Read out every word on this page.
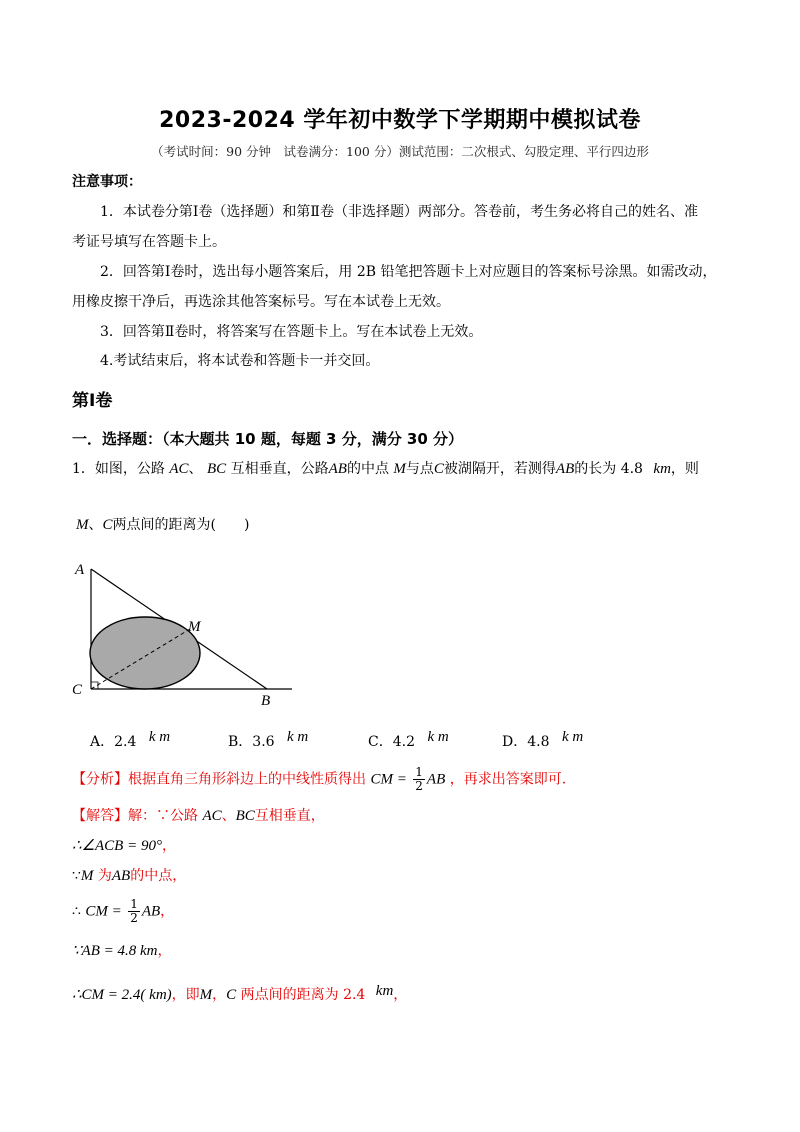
2023-2024 学年初中数学下学期期中模拟试卷
（考试时间：90 分钟　试卷满分：100 分）测试范围：二次根式、勾股定理、平行四边形
注意事项：
1．本试卷分第Ⅰ卷（选择题）和第Ⅱ卷（非选择题）两部分。答卷前，考生务必将自己的姓名、准
考证号填写在答题卡上。
2．回答第Ⅰ卷时，选出每小题答案后，用 2B 铅笔把答题卡上对应题目的答案标号涂黑。如需改动，
用橡皮擦干净后，再选涂其他答案标号。写在本试卷上无效。
3．回答第Ⅱ卷时，将答案写在答题卡上。写在本试卷上无效。
4.考试结束后，将本试卷和答题卡一并交回。
第Ⅰ卷
一．选择题：（本大题共 10 题，每题 3 分，满分 30 分）
1．如图，公路 AC、 BC 互相垂直，公路AB的中点 M与点C被湖隔开，若测得AB的长为 4.8 km，则
M、C两点间的距离为(　　)
A
C
B
M
A．2.4 k m	B．3.6 k m	C．4.2 k m	D．4.8 k m
【分析】根据直角三角形斜边上的中线性质得出 CM = $\frac{1}{2}$ AB ，再求出答案即可.
【解答】解：∵公路 AC、BC互相垂直，
∴∠ACB = 90°，
∵M 为AB的中点，
∴ CM = $\frac{1}{2}$ AB，
∵AB = 4.8 km，
∴CM = 2.4( km)，即M，C 两点间的距离为 2.4 km，
